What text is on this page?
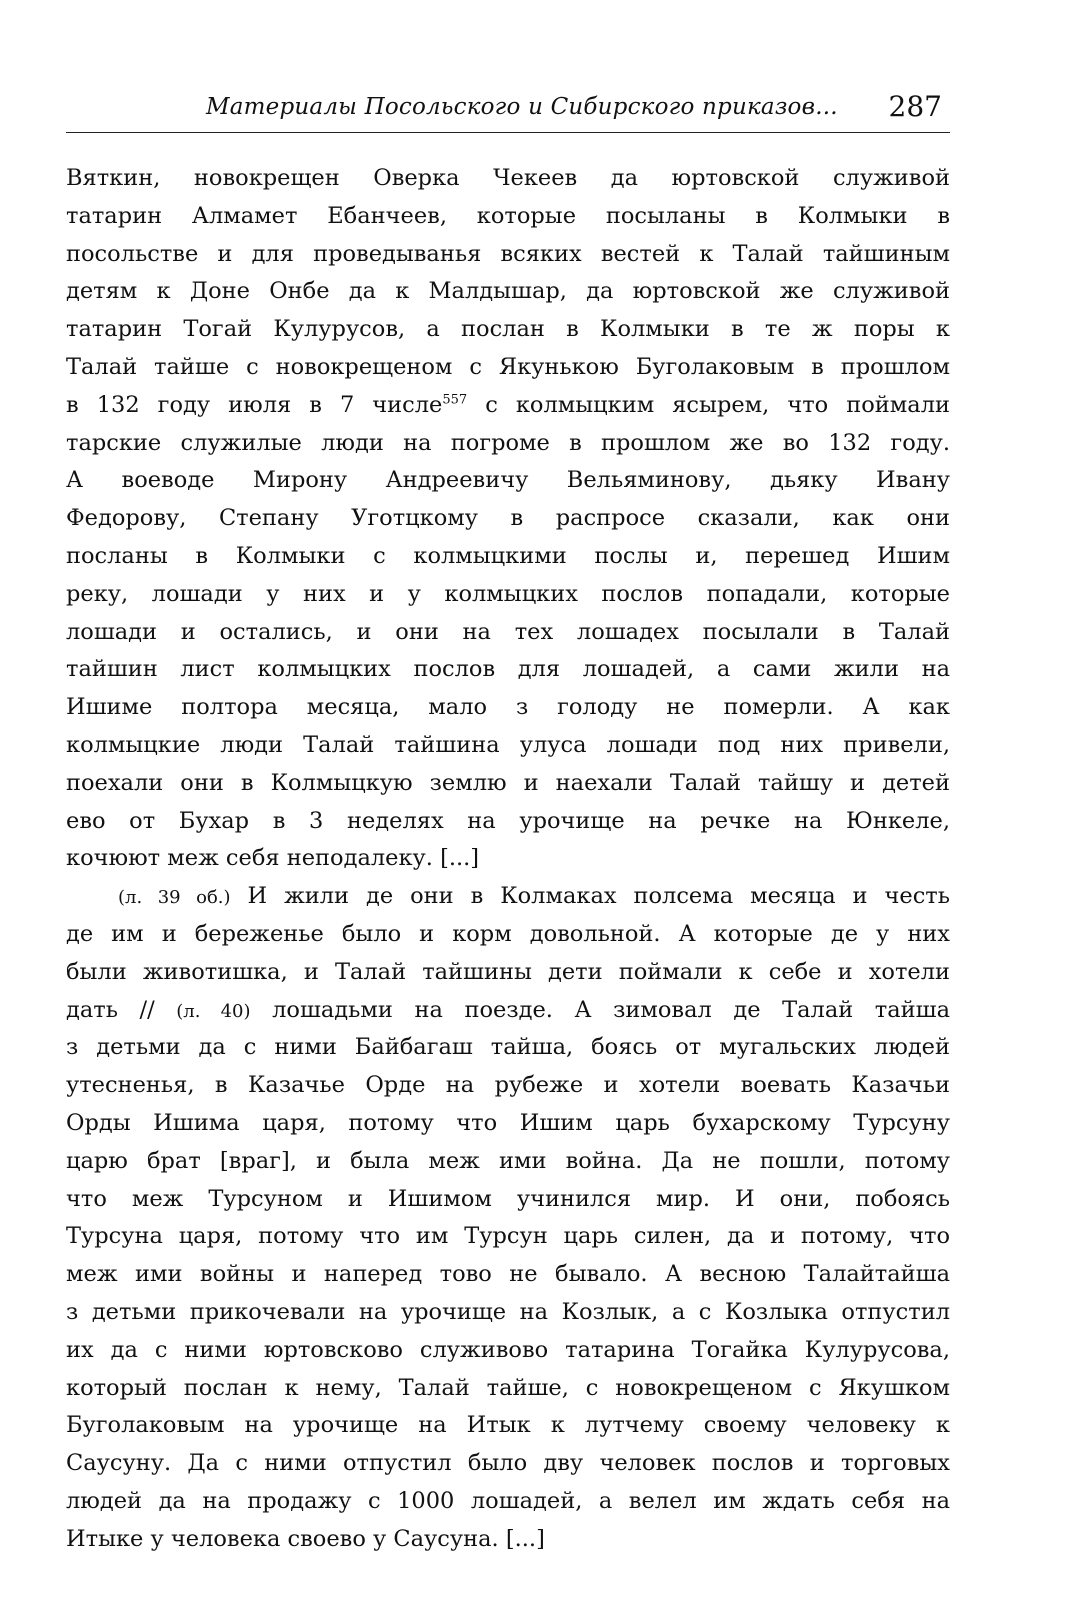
Материалы Посольского и Сибирского приказов... 287
Вяткин, новокрещен Оверка Чекеев да юртовской служивой
татарин Алмамет Ебанчеев, которые посыланы в Колмыки в
посольстве и для проведыванья всяких вестей к Талай тайшиным
детям к Доне Онбе да к Малдышар, да юртовской же служивой
татарин Тогай Кулурусов, а послан в Колмыки в те ж поры к
Талай тайше с новокрещеном с Якунькою Буголаковым в прошлом
в 132 году июля в 7 числе$^{557}$ с колмыцким ясырем, что поймали
тарские служилые люди на погроме в прошлом же во 132 году.
А воеводе Мирону Андреевичу Вельяминову, дьяку Ивану
Федорову, Степану Уготцкому в распросе сказали, как они
посланы в Колмыки с колмыцкими послы и, перешед Ишим
реку, лошади у них и у колмыцких послов попадали, которые
лошади и остались, и они на тех лошадех посылали в Талай
тайшин лист колмыцких послов для лошадей, а сами жили на
Ишиме полтора месяца, мало з голоду не померли. А как
колмыцкие люди Талай тайшина улуса лошади под них привели,
поехали они в Колмыцкую землю и наехали Талай тайшу и детей
ево от Бухар в 3 неделях на урочище на речке на Юнкеле,
кочюют меж себя неподалеку. [...]
(л. 39 об.) И жили де они в Колмаках полсема месяца и честь
де им и береженье было и корм довольной. А которые де у них
были животишка, и Талай тайшины дети поймали к себе и хотели
дать // (л. 40) лошадьми на поезде. А зимовал де Талай тайша
з детьми да с ними Байбагаш тайша, боясь от мугальских людей
утесненья, в Казачье Орде на рубеже и хотели воевать Казачьи
Орды Ишима царя, потому что Ишим царь бухарскому Турсуну
царю брат [враг], и была меж ими война. Да не пошли, потому
что меж Турсуном и Ишимом учинился мир. И они, побоясь
Турсуна царя, потому что им Турсун царь силен, да и потому, что
меж ими войны и наперед тово не бывало. А весною Талайтайша
з детьми прикочевали на урочище на Козлык, а с Козлыка отпустил
их да с ними юртовсково служивово татарина Тогайка Кулурусова,
который послан к нему, Талай тайше, с новокрещеном с Якушком
Буголаковым на урочище на Итык к лутчему своему человеку к
Саусуну. Да с ними отпустил было дву человек послов и торговых
людей да на продажу с 1000 лошадей, а велел им ждать себя на
Итыке у человека своево у Саусуна. [...]
